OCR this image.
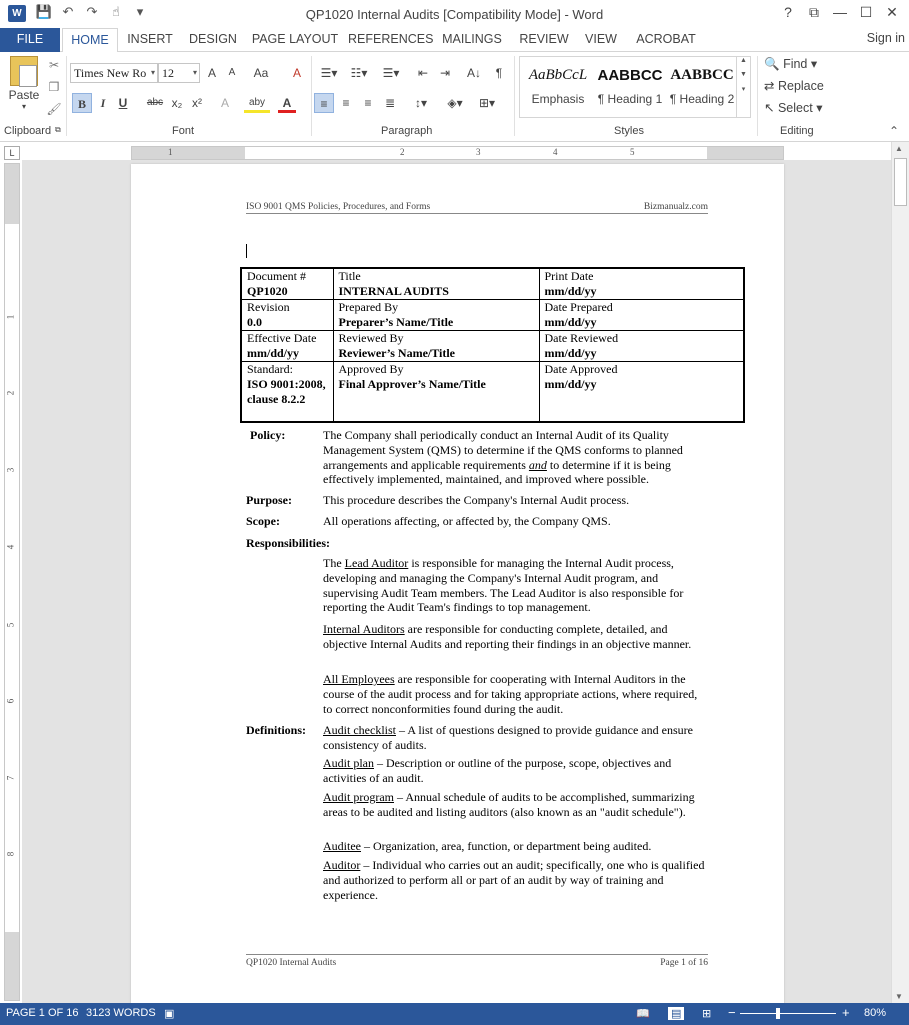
W	💾 ↶	↷	☝	▾	QP1020 Internal Audits [Compatibility Mode] - Word	?	⧉	— ☐ ✕
FILE	HOME	INSERT	DESIGN	PAGE LAYOUT REFERENCES MAILINGS REVIEW	VIEW	ACROBAT	Sign in
Paste
▾
✂
❐
🖌
Clipboard ⧉
Times New Ro ▾ 12 ▾ A	A	Aa	A
B	I	U	abc x₂ x²	A	aby	A
Font
☰▾	☷▾	☰▾	⇤ ⇥	A↓	¶
≡	≡	≡	≣	↕▾	◈▾	⊞▾
Paragraph
AaBbCcL
Emphasis
AABBCC
¶ Heading 1
AABBCC
¶ Heading 2
▲

▼

▾
Styles
🔍 Find ▾
⇄ Replace
↖ Select ▾
Editing	⌃
L	1	2	3	4	5
1
2
3
4
5
6
7
8
ISO 9001 QMS Policies, Procedures, and Forms	Bizmanualz.com
Document #
QP1020	Title
INTERNAL AUDITS	Print Date
mm/dd/yy
Revision
0.0	Prepared By
Preparer’s Name/Title	Date Prepared
mm/dd/yy
Effective Date
mm/dd/yy	Reviewed By
Reviewer’s Name/Title	Date Reviewed
mm/dd/yy
Standard:
ISO 9001:2008, clause 8.2.2	Approved By
Final Approver’s Name/Title	Date Approved
mm/dd/yy
Policy:	The Company shall periodically conduct an Internal Audit of its Quality Management System (QMS) to determine if the QMS conforms to planned arrangements and applicable requirements and to determine if it is being effectively implemented, maintained, and improved where possible.
Purpose:	This procedure describes the Company's Internal Audit process.
Scope:	All operations affecting, or affected by, the Company QMS.
Responsibilities:
The Lead Auditor is responsible for managing the Internal Audit process, developing and managing the Company's Internal Audit program, and supervising Audit Team members. The Lead Auditor is also responsible for reporting the Audit Team's findings to top management.
Internal Auditors are responsible for conducting complete, detailed, and objective Internal Audits and reporting their findings in an objective manner.
All Employees are responsible for cooperating with Internal Auditors in the course of the audit process and for taking appropriate actions, where required, to correct nonconformities found during the audit.
Definitions: Audit checklist – A list of questions designed to provide guidance and ensure consistency of audits.
Audit plan – Description or outline of the purpose, scope, objectives and activities of an audit.
Audit program – Annual schedule of audits to be accomplished, summarizing areas to be audited and listing auditors (also known as an "audit schedule").
Auditee – Organization, area, function, or department being audited.
Auditor – Individual who carries out an audit; specifically, one who is qualified and authorized to perform all or part of an audit by way of training and experience.
QP1020 Internal Audits	Page 1 of 16
▲
▼
PAGE 1 OF 16 3123 WORDS ▣	📖 ▤ ⊞ −	+ 80%
